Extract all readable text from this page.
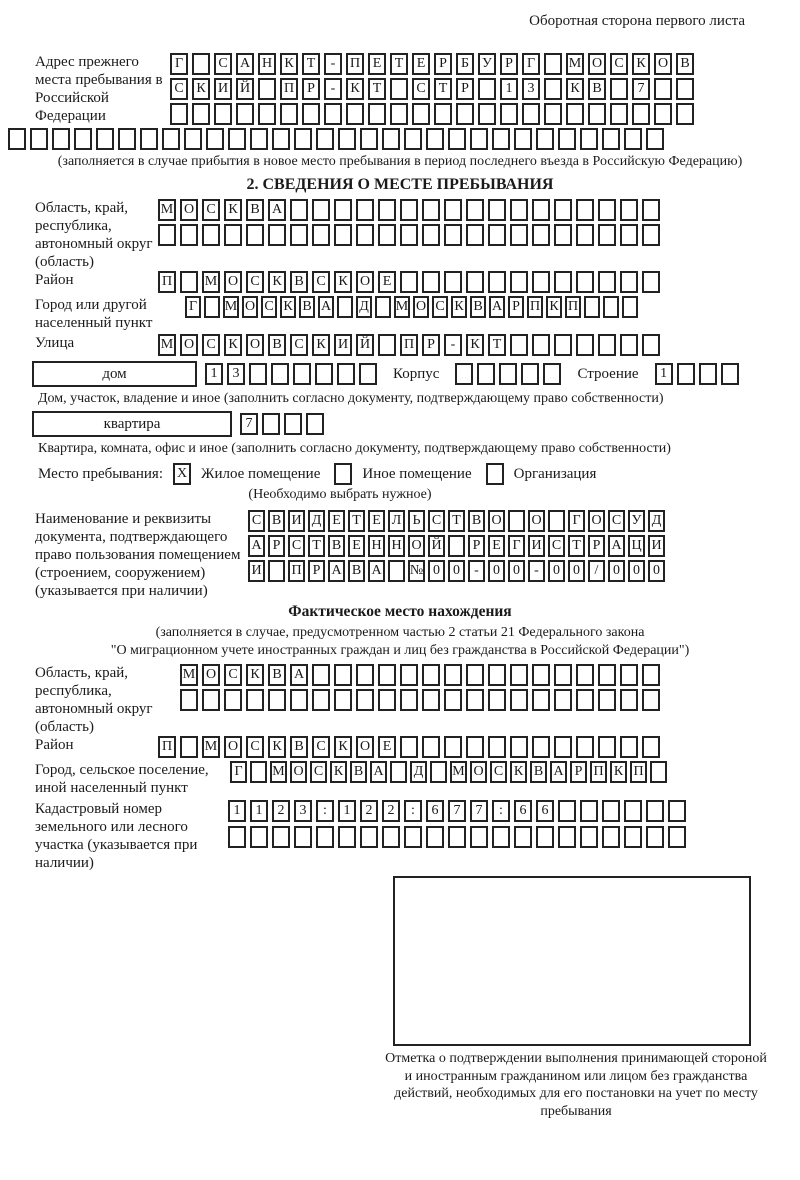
Оборотная сторона первого листа
Адрес прежнего места пребывания в Российской Федерации
Г	С А Н К Т	-	П Е Т Е Р	Б У Р	Г	М О С К О В
С К И Й П Р	-	К Т	С Т Р	1	3	К В	7
(заполняется в случае прибытия в новое место пребывания в период последнего въезда в Российскую Федерацию)
2. СВЕДЕНИЯ О МЕСТЕ ПРЕБЫВАНИЯ
Область, край, республика, автономный округ (область)
М О С К В А
Район	П М О С К В С К О Е
Город или другой населенный пункт
Г М О С К В А Д М О С К В А Р П К П
Улица	М О С К О В С К И Й П Р	-	К Т
дом	1	3	Корпус	Строение	1
Дом, участок, владение и иное (заполнить согласно документу, подтверждающему право собственности)
квартира	7
Квартира, комната, офис и иное (заполнить согласно документу, подтверждающему право собственности)
Место пребывания: X Жилое помещение	Иное помещение	Организация
(Необходимо выбрать нужное)
Наименование и реквизиты документа, подтверждающего право пользования помещением (строением, сооружением) (указывается при наличии)
С В И Д Е Т Е Л Ь С Т В О О	Г О С У Д
А Р С Т В Е Н Н О Й	Р Е Г И С Т Р А Ц И
И П Р А В А № 0 0	-	0 0	-	0 0	/	0 0 0
Фактическое место нахождения
(заполняется в случае, предусмотренном частью 2 статьи 21 Федерального закона
"О миграционном учете иностранных граждан и лиц без гражданства в Российской Федерации")
Область, край, республика, автономный округ (область)
М О С К В А
Район	П М О С К В С К О Е
Город, сельское поселение, иной населенный пункт
Г	М О С К В А Д М О С К В А Р П К П
Кадастровый номер земельного или лесного участка (указывается при наличии)
1	1	2	3	:	1	2	2	:	6	7	7	:	6	6
Отметка о подтверждении выполнения принимающей стороной и иностранным гражданином или лицом без гражданства действий, необходимых для его постановки на учет по месту пребывания
